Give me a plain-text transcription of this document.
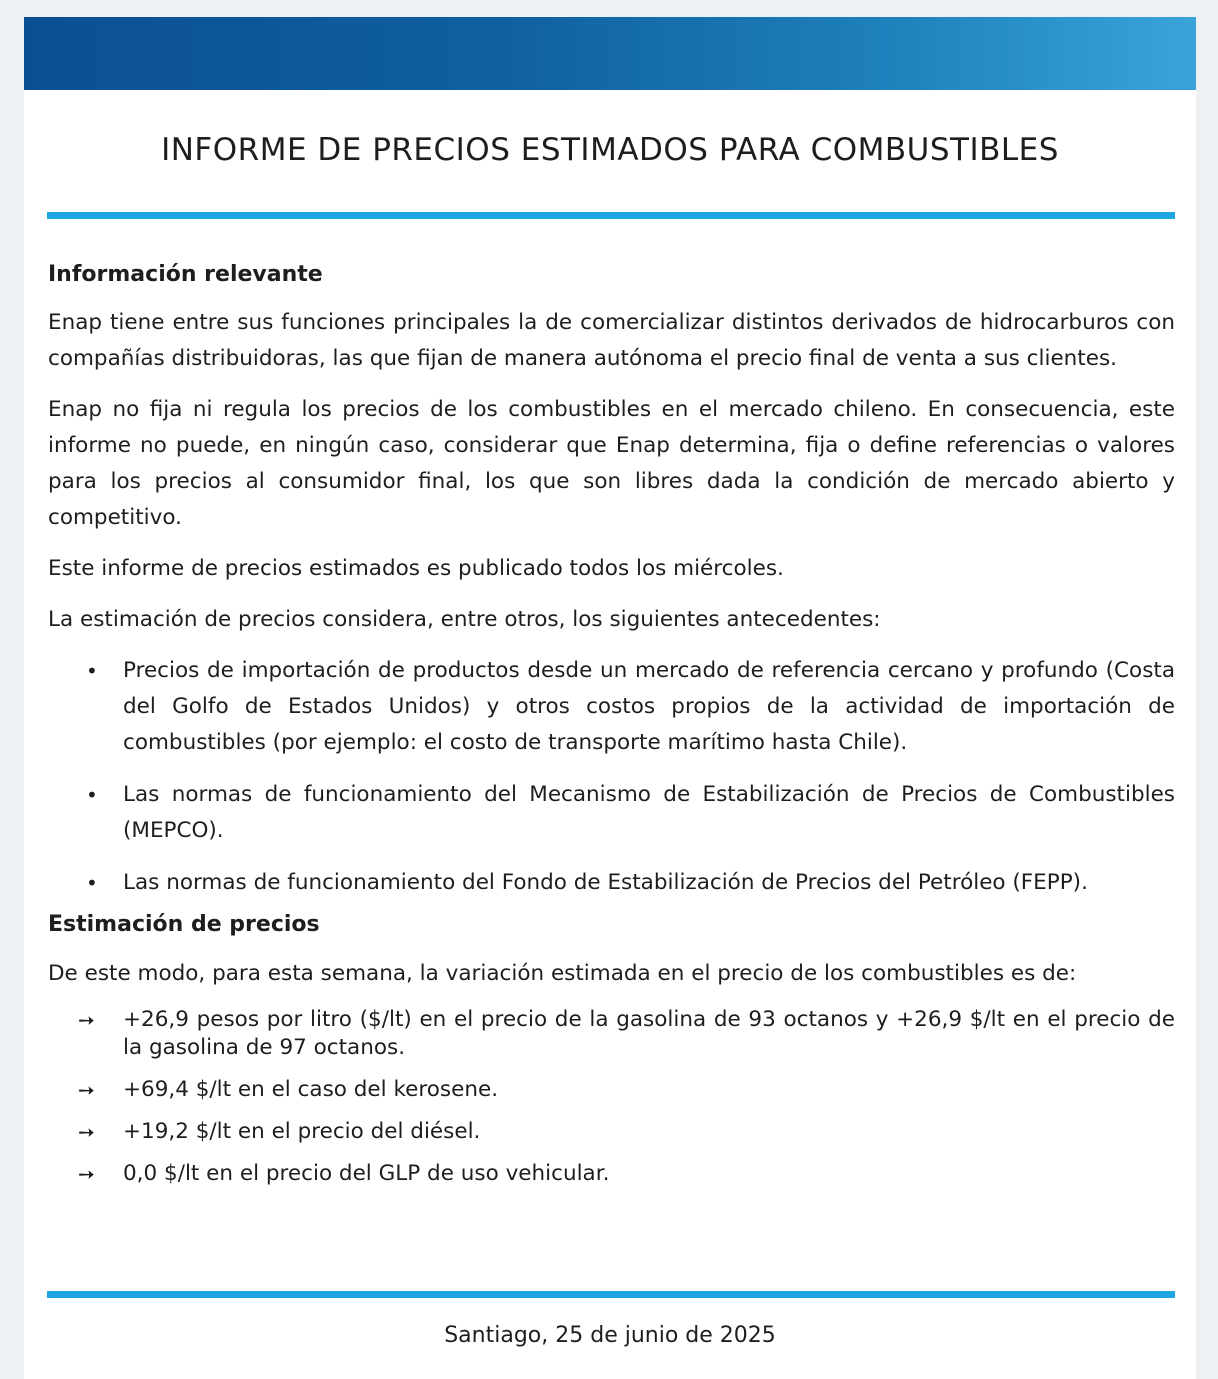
INFORME DE PRECIOS ESTIMADOS PARA COMBUSTIBLES
Información relevante

Enap tiene entre sus funciones principales la de comercializar distintos derivados de hidrocarburos con compañías distribuidoras, las que fijan de manera autónoma el precio final de venta a sus clientes.

Enap no fija ni regula los precios de los combustibles en el mercado chileno. En consecuencia, este informe no puede, en ningún caso, considerar que Enap determina, fija o define referencias o valores para los precios al consumidor final, los que son libres dada la condición de mercado abierto y competitivo.

Este informe de precios estimados es publicado todos los miércoles.

La estimación de precios considera, entre otros, los siguientes antecedentes:

• Precios de importación de productos desde un mercado de referencia cercano y profundo (Costa del Golfo de Estados Unidos) y otros costos propios de la actividad de importación de combustibles (por ejemplo: el costo de transporte marítimo hasta Chile).
• Las normas de funcionamiento del Mecanismo de Estabilización de Precios de Combustibles (MEPCO).
• Las normas de funcionamiento del Fondo de Estabilización de Precios del Petróleo (FEPP).
Estimación de precios

De este modo, para esta semana, la variación estimada en el precio de los combustibles es de:

➙ +26,9 pesos por litro ($/lt) en el precio de la gasolina de 93 octanos y +26,9 $/lt en el precio de la gasolina de 97 octanos.
➙ +69,4 $/lt en el caso del kerosene.
➙ +19,2 $/lt en el precio del diésel.
➙ 0,0 $/lt en el precio del GLP de uso vehicular.
Santiago, 25 de junio de 2025
